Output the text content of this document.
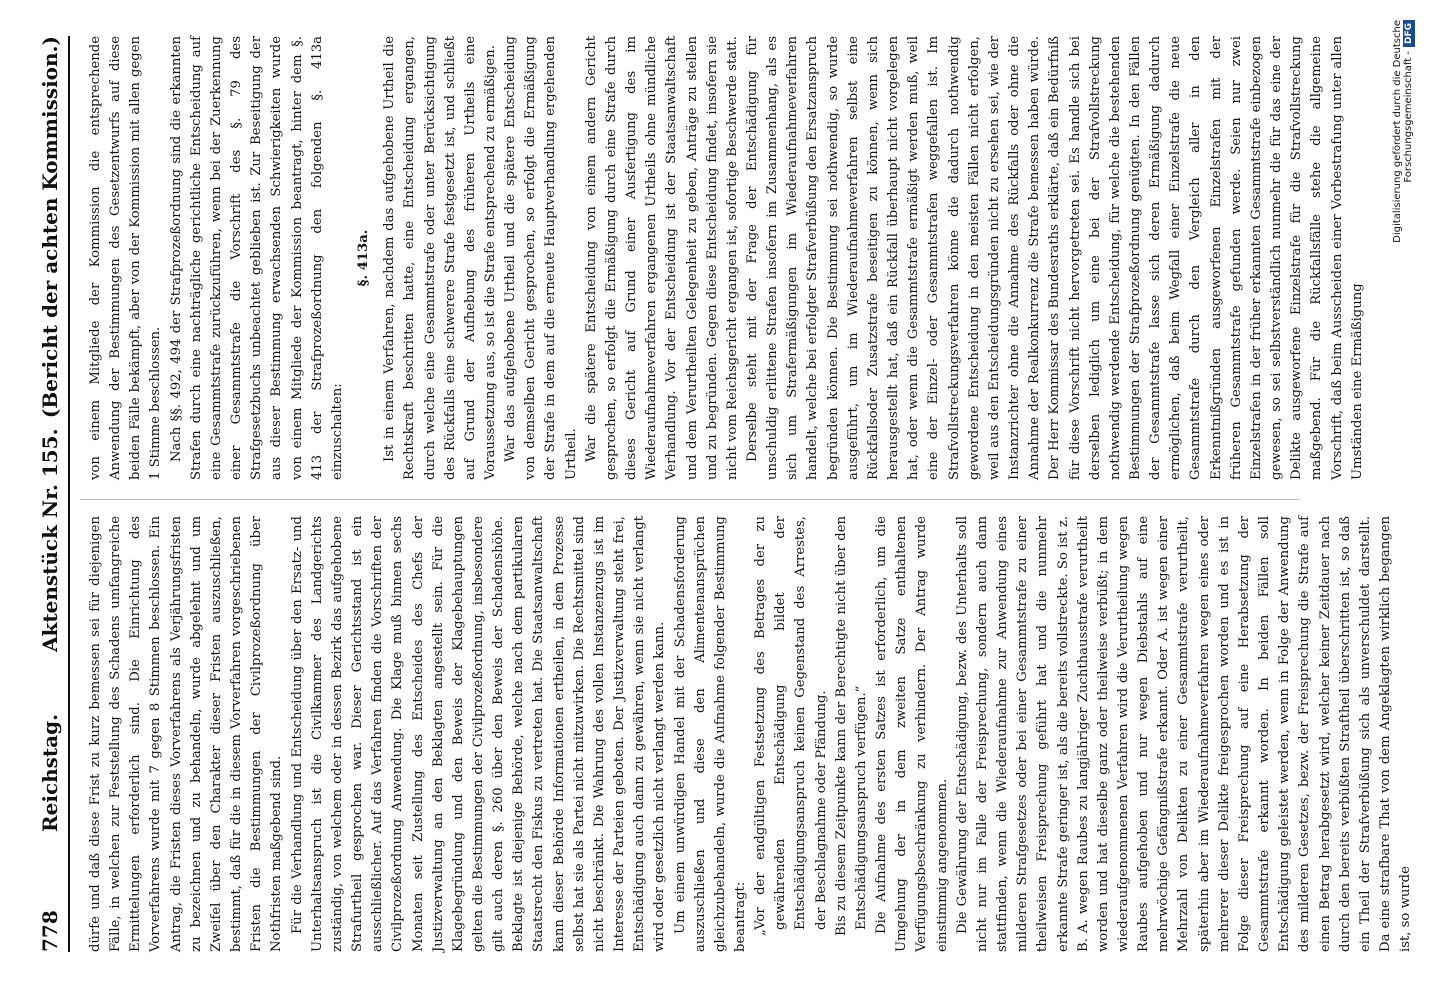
778
Reichstag.
Aktenstück Nr. 155.
(Bericht der achten Kommission.)

dürfe und daß diese Frist zu kurz bemessen sei für diejenigen Fälle, in welchen zur Feststellung des Schadens umfangreiche Ermittelungen erforderlich sind. Die Einrichtung des Vorverfahrens wurde mit 7 gegen 8 Stimmen beschlossen. Ein Antrag, die Fristen dieses Vorverfahrens als Verjährungsfristen zu bezeichnen und zu behandeln, wurde abgelehnt und um Zweifel über den Charakter dieser Fristen auszuschließen, bestimmt, daß für die in diesem Vorverfahren vorgeschriebenen Fristen die Bestimmungen der Civilprozeßordnung über Nothfristen maßgebend sind. Für die Verhandlung und Entscheidung über den Ersatz- und Unterhaltsanspruch ist die Civilkammer des Landgerichts zuständig, von welchem oder in dessen Bezirk das aufgehobene Strafurtheil gesprochen war. Dieser Gerichtsstand ist ein ausschließlicher. Auf das Verfahren finden die Vorschriften der Civilprozeßordnung Anwendung. Die Klage muß binnen sechs Monaten seit Zustellung des Entscheides des Chefs der Justizverwaltung an den Beklagten angestellt sein. Für die Klagebegründung und den Beweis der Klagebehauptungen gelten die Bestimmungen der Civilprozeßordnung, insbesondere gilt auch deren §. 260 über den Beweis der Schadenshöhe. Beklagte ist diejenige Behörde, welche nach dem partikularen Staatsrecht den Fiskus zu vertreten hat. Die Staatsanwaltschaft kann dieser Behörde Informationen ertheilen, in dem Prozesse selbst hat sie als Partei nicht mitzuwirken. Die Rechtsmittel sind nicht beschränkt. Die Wahrung des vollen Instanzenzugs ist im Interesse der Parteien geboten. Der Justizverwaltung steht frei, Entschädigung auch dann zu gewähren, wenn sie nicht verlangt wird oder gesetzlich nicht verlangt werden kann. Um einem unwürdigen Handel mit der Schadensforderung auszuschließen und diese den Alimentenansprüchen gleichzubehandeln, wurde die Aufnahme folgender Bestimmung beantragt: „Vor der endgültigen Festsetzung des Betrages der zu gewährenden Entschädigung bildet der Entschädigungsanspruch keinen Gegenstand des Arrestes, der Beschlagnahme oder Pfändung. Bis zu diesem Zeitpunkte kann der Berechtigte nicht über den Entschädigungsanspruch verfügen.“ Die Aufnahme des ersten Satzes ist erforderlich, um die Umgehung der in dem zweiten Satze enthaltenen Verfügungsbeschränkung zu verhindern. Der Antrag wurde einstimmig angenommen. Die Gewährung der Entschädigung, bezw. des Unterhalts soll nicht nur im Falle der Freisprechung, sondern auch dann stattfinden, wenn die Wiederaufnahme zur Anwendung eines milderen Strafgesetzes oder bei einer Gesammtstrafe zu einer theilweisen Freisprechung geführt hat und die nunmehr erkannte Strafe geringer ist, als die bereits vollstreckte. So ist z. B. A. wegen Raubes zu langjähriger Zuchthausstrafe verurtheilt worden und hat dieselbe ganz oder theilweise verbüßt; in dem wiederaufgenommenen Verfahren wird die Verurtheilung wegen Raubes aufgehoben und nur wegen Diebstahls auf eine mehrwöchige Gefängnißstrafe erkannt. Oder A. ist wegen einer Mehrzahl von Delikten zu einer Gesammtstrafe verurtheilt, späterhin aber im Wiederaufnahmeverfahren wegen eines oder mehrerer dieser Delikte freigesprochen worden und es ist in Folge dieser Freisprechung auf eine Herabsetzung der Gesammtstrafe erkannt worden. In beiden Fällen soll Entschädigung geleistet werden, wenn in Folge der Anwendung des milderen Gesetzes, bezw. der Freisprechung die Strafe auf einen Betrag herabgesetzt wird, welcher keiner Zeitdauer nach durch den bereits verbüßten Straftheil überschritten ist, so daß ein Theil der Strafverbüßung sich als unverschuldet darstellt. Da eine strafbare That von dem Angeklagten wirklich begangen ist, so wurde

von einem Mitgliede der Kommission die entsprechende Anwendung der Bestimmungen des Gesetzentwurfs auf diese beiden Fälle bekämpft, aber von der Kommission mit allen gegen 1 Stimme beschlossen. Nach §§. 492, 494 der Strafprozeßordnung sind die erkannten Strafen durch eine nachträgliche gerichtliche Entscheidung auf eine Gesammtstrafe zurückzuführen, wenn bei der Zuerkennung einer Gesammtstrafe die Vorschrift des §. 79 des Strafgesetzbuchs unbeachtet geblieben ist. Zur Beseitigung der aus dieser Bestimmung erwachsenden Schwierigkeiten wurde von einem Mitgliede der Kommission beantragt, hinter dem §. 413 der Strafprozeßordnung den folgenden §. 413a einzuschalten:

§. 413a. Ist in einem Verfahren, nachdem das aufgehobene Urtheil die Rechtskraft beschritten hatte, eine Entscheidung ergangen, durch welche eine Gesammtstrafe oder unter Berücksichtigung des Rückfalls eine schwerere Strafe festgesetzt ist, und schließt auf Grund der Aufhebung des früheren Urtheils eine Voraussetzung aus, so ist die Strafe entsprechend zu ermäßigen. War das aufgehobene Urtheil und die spätere Entscheidung von demselben Gericht gesprochen, so erfolgt die Ermäßigung der Strafe in dem auf die erneute Hauptverhandlung ergehenden Urtheil. War die spätere Entscheidung von einem andern Gericht gesprochen, so erfolgt die Ermäßigung durch eine Strafe durch dieses Gericht auf Grund einer Ausfertigung des im Wiederaufnahmeverfahren ergangenen Urtheils ohne mündliche Verhandlung. Vor der Entscheidung ist der Staatsanwaltschaft und dem Verurtheilten Gelegenheit zu geben, Anträge zu stellen und zu begründen. Gegen diese Entscheidung findet, insofern sie nicht vom Reichsgericht ergangen ist, sofortige Beschwerde statt. Derselbe steht mit der Frage der Entschädigung für unschuldig erlittene Strafen insofern im Zusammenhang, als es sich um Strafermäßigungen im Wiederaufnahmeverfahren handelt, welche bei erfolgter Strafverbüßung den Ersatzanspruch begründen können. Die Bestimmung sei nothwendig, so wurde ausgeführt, um im Wiederaufnahmeverfahren selbst eine Rückfallsoder Zusatzstrafe beseitigen zu können, wenn sich herausgestellt hat, daß ein Rückfall überhaupt nicht vorgelegen hat, oder wenn die Gesammtstrafe ermäßigt werden muß, weil eine der Einzel- oder Gesammtstrafen weggefallen ist. Im Strafvollstreckungsverfahren könne die dadurch nothwendig gewordene Entscheidung in den meisten Fällen nicht erfolgen, weil aus den Entscheidungsgründen nicht zu ersehen sei, wie der Instanzrichter ohne die Annahme des Rückfalls oder ohne die Annahme der Realkonkurrenz die Strafe bemessen haben würde. Der Herr Kommissar des Bundesraths erklärte, daß ein Bedürfniß für diese Vorschrift nicht hervorgetreten sei. Es handle sich bei derselben lediglich um eine bei der Strafvollstreckung nothwendig werdende Entscheidung, für welche die bestehenden Bestimmungen der Strafprozeßordnung genügten. In den Fällen der Gesammtstrafe lasse sich deren Ermäßigung dadurch ermöglichen, daß beim Wegfall einer Einzelstrafe die neue Gesammtstrafe durch den Vergleich aller in den Erkenntnißgründen ausgeworfenen Einzelstrafen mit der früheren Gesammtstrafe gefunden werde. Seien nur zwei Einzelstrafen in der früher erkannten Gesammtstrafe einbezogen gewesen, so sei selbstverständlich nunmehr die für das eine der Delikte ausgeworfene Einzelstrafe für die Strafvollstreckung maßgebend. Für die Rückfallsfälle stehe die allgemeine Vorschrift, daß beim Ausscheiden einer Vorbestrafung unter allen Umständen eine Ermäßigung

Digitalisierung gefördert durch die Deutsche Forschungsgemeinschaft -DFG
